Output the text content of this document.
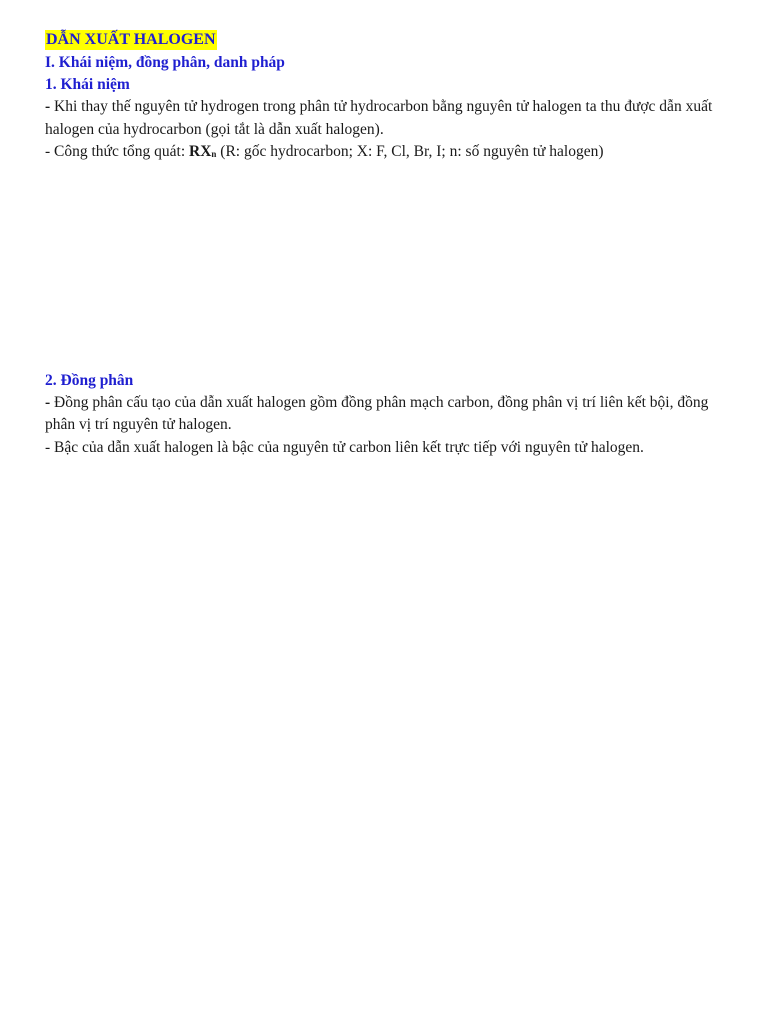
DẪN XUẤT HALOGEN

I. Khái niệm, đồng phân, danh pháp

1. Khái niệm

- Khi thay thế nguyên tử hydrogen trong phân tử hydrocarbon bằng nguyên tử halogen ta thu được dẫn xuất halogen của hydrocarbon (gọi tắt là dẫn xuất halogen).

- Công thức tổng quát: RXn (R: gốc hydrocarbon; X: F, Cl, Br, I; n: số nguyên tử halogen)

2. Đồng phân

- Đồng phân cấu tạo của dẫn xuất halogen gồm đồng phân mạch carbon, đồng phân vị trí liên kết bội, đồng phân vị trí nguyên tử halogen.

- Bậc của dẫn xuất halogen là bậc của nguyên tử carbon liên kết trực tiếp với nguyên tử halogen.
